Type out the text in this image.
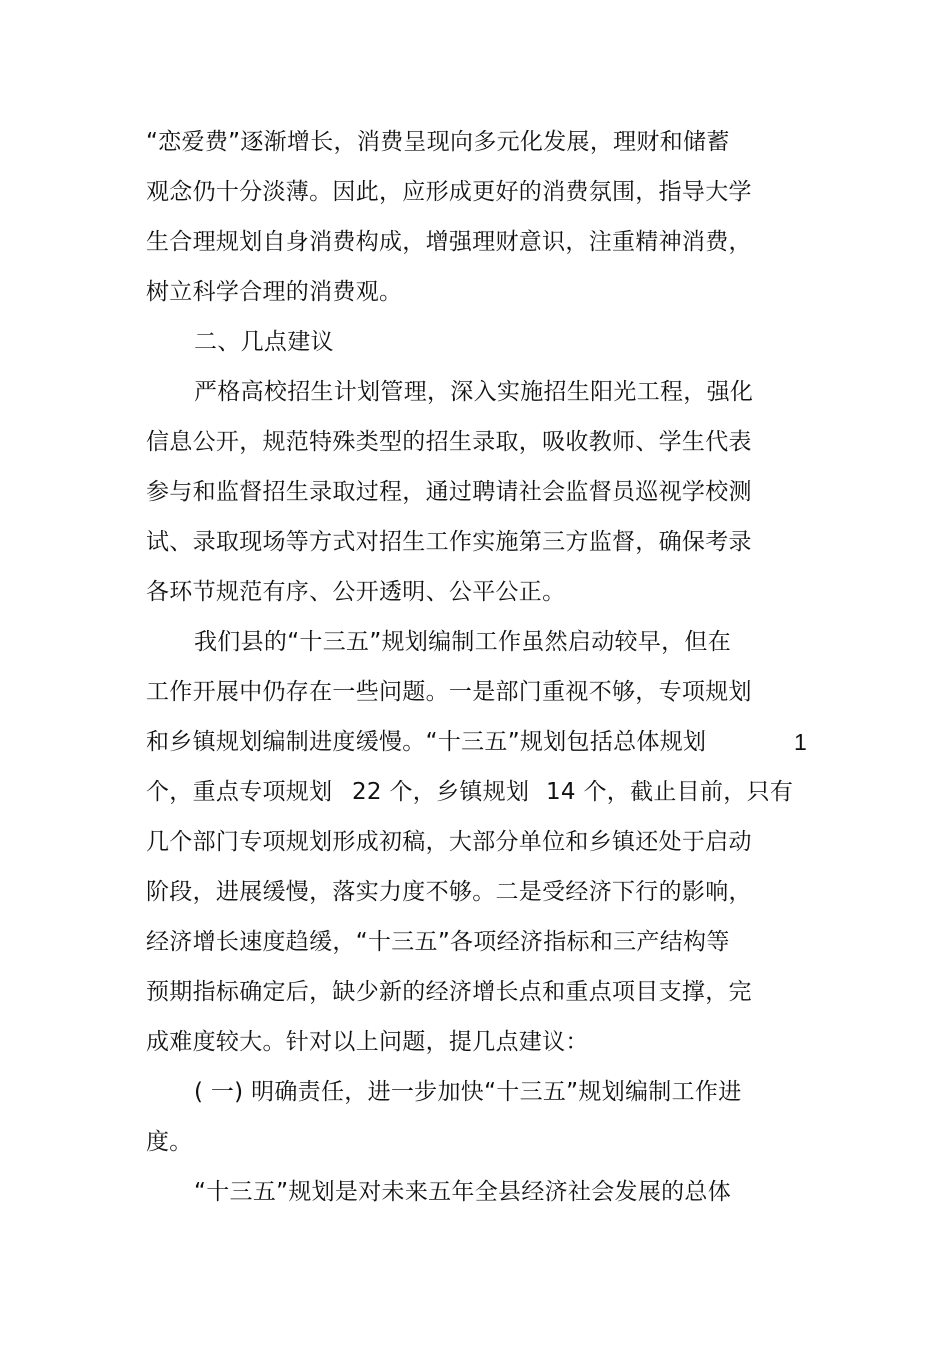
“恋爱费”逐渐增长，消费呈现向多元化发展，理财和储蓄
观念仍十分淡薄。因此，应形成更好的消费氛围，指导大学
生合理规划自身消费构成，增强理财意识，注重精神消费，
树立科学合理的消费观。
二、几点建议
严格高校招生计划管理，深入实施招生阳光工程，强化
信息公开，规范特殊类型的招生录取，吸收教师、学生代表
参与和监督招生录取过程，通过聘请社会监督员巡视学校测
试、录取现场等方式对招生工作实施第三方监督，确保考录
各环节规范有序、公开透明、公平公正。
我们县的“十三五”规划编制工作虽然启动较早，但在
工作开展中仍存在一些问题。一是部门重视不够，专项规划
和乡镇规划编制进度缓慢。“十三五”规划包括总体规划	1
个，重点专项规划 22 个，乡镇规划 14 个，截止目前，只有
几个部门专项规划形成初稿，大部分单位和乡镇还处于启动
阶段，进展缓慢，落实力度不够。二是受经济下行的影响，
经济增长速度趋缓，“十三五”各项经济指标和三产结构等
预期指标确定后，缺少新的经济增长点和重点项目支撑，完
成难度较大。针对以上问题，提几点建议：
( 一) 明确责任，进一步加快“十三五”规划编制工作进
度。
“十三五”规划是对未来五年全县经济社会发展的总体
